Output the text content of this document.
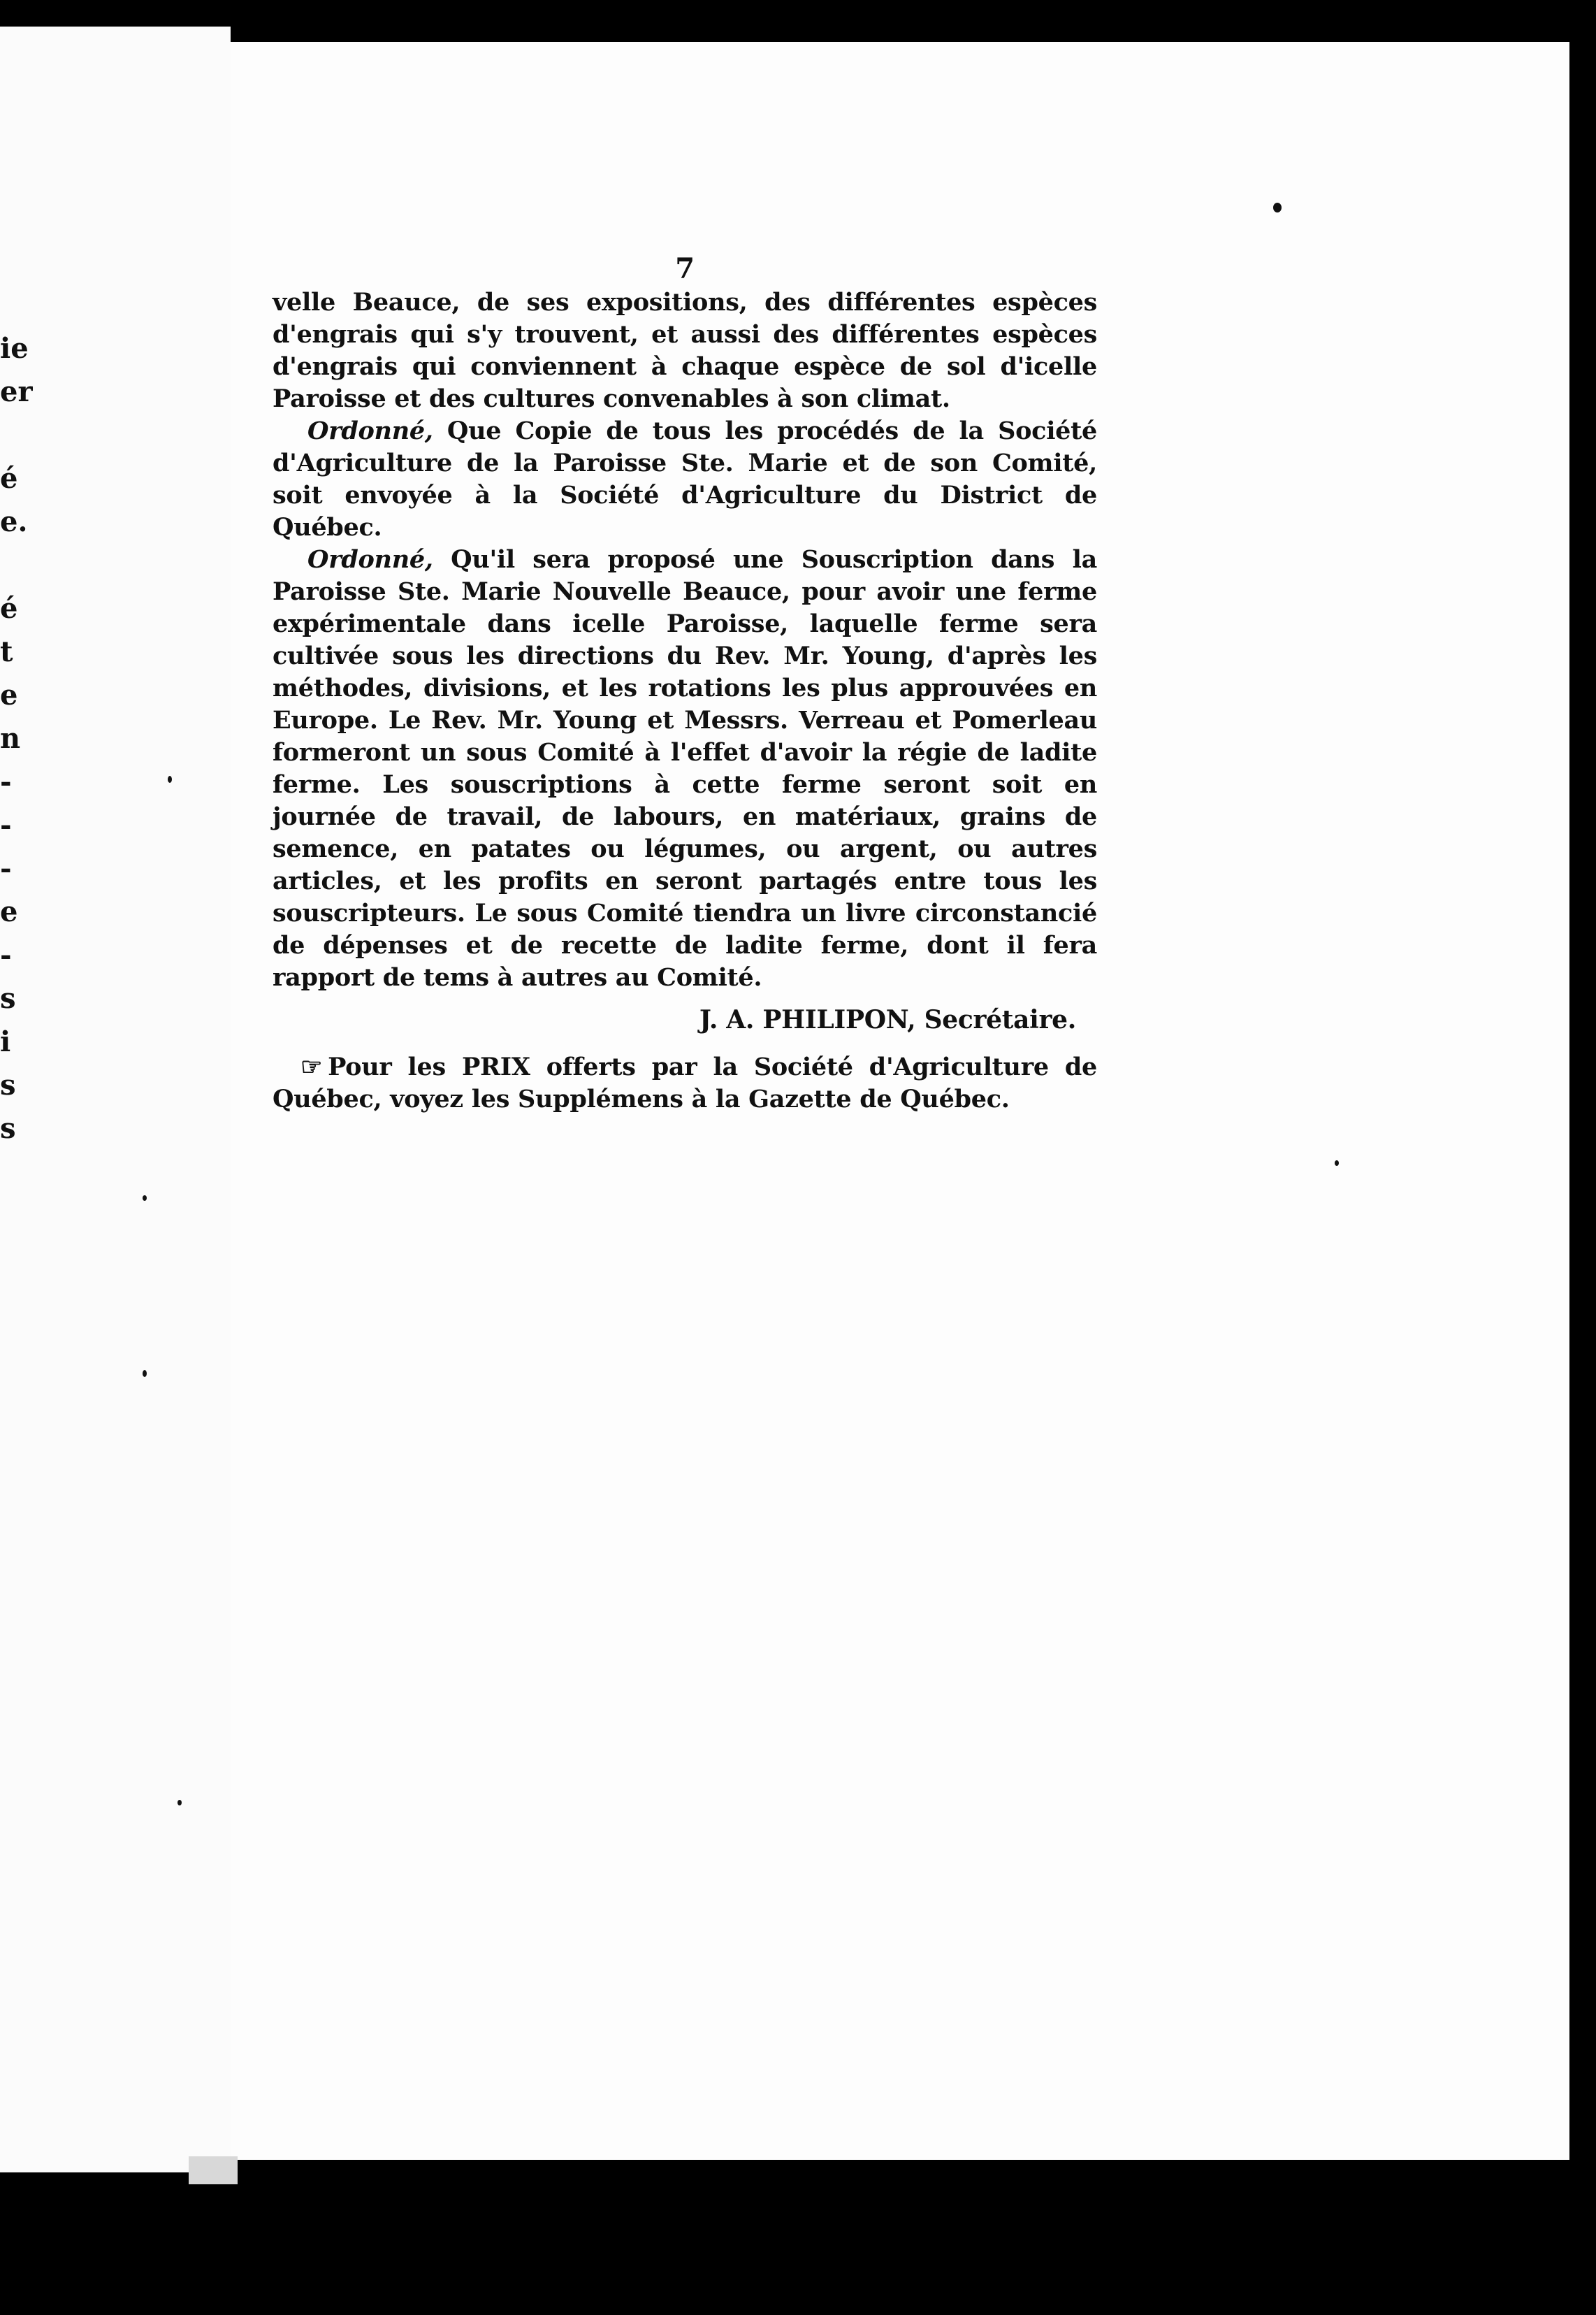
ie
er
é
e.
é
t
e
n
-
-
-
e
-
s
i
s
s
7

velle Beauce, de ses expositions, des différentes espèces d'engrais qui s'y trouvent, et aussi des différentes espèces d'engrais qui conviennent à chaque espèce de sol d'icelle Paroisse et des cultures convenables à son climat.

Ordonné, Que Copie de tous les procédés de la Société d'Agriculture de la Paroisse Ste. Marie et de son Comité, soit envoyée à la Société d'Agriculture du District de Québec.

Ordonné, Qu'il sera proposé une Souscription dans la Paroisse Ste. Marie Nouvelle Beauce, pour avoir une ferme expérimentale dans icelle Paroisse, laquelle ferme sera cultivée sous les directions du Rev. Mr. Young, d'après les méthodes, divisions, et les rotations les plus approuvées en Europe. Le Rev. Mr. Young et Messrs. Verreau et Pomerleau formeront un sous Comité à l'effet d'avoir la régie de ladite ferme. Les souscriptions à cette ferme seront soit en journée de travail, de labours, en matériaux, grains de semence, en patates ou légumes, ou argent, ou autres articles, et les profits en seront partagés entre tous les souscripteurs. Le sous Comité tiendra un livre circonstancié de dépenses et de recette de ladite ferme, dont il fera rapport de tems à autres au Comité.

J. A. PHILIPON, Secrétaire.

☞ Pour les PRIX offerts par la Société d'Agriculture de Québec, voyez les Supplémens à la Gazette de Québec.
